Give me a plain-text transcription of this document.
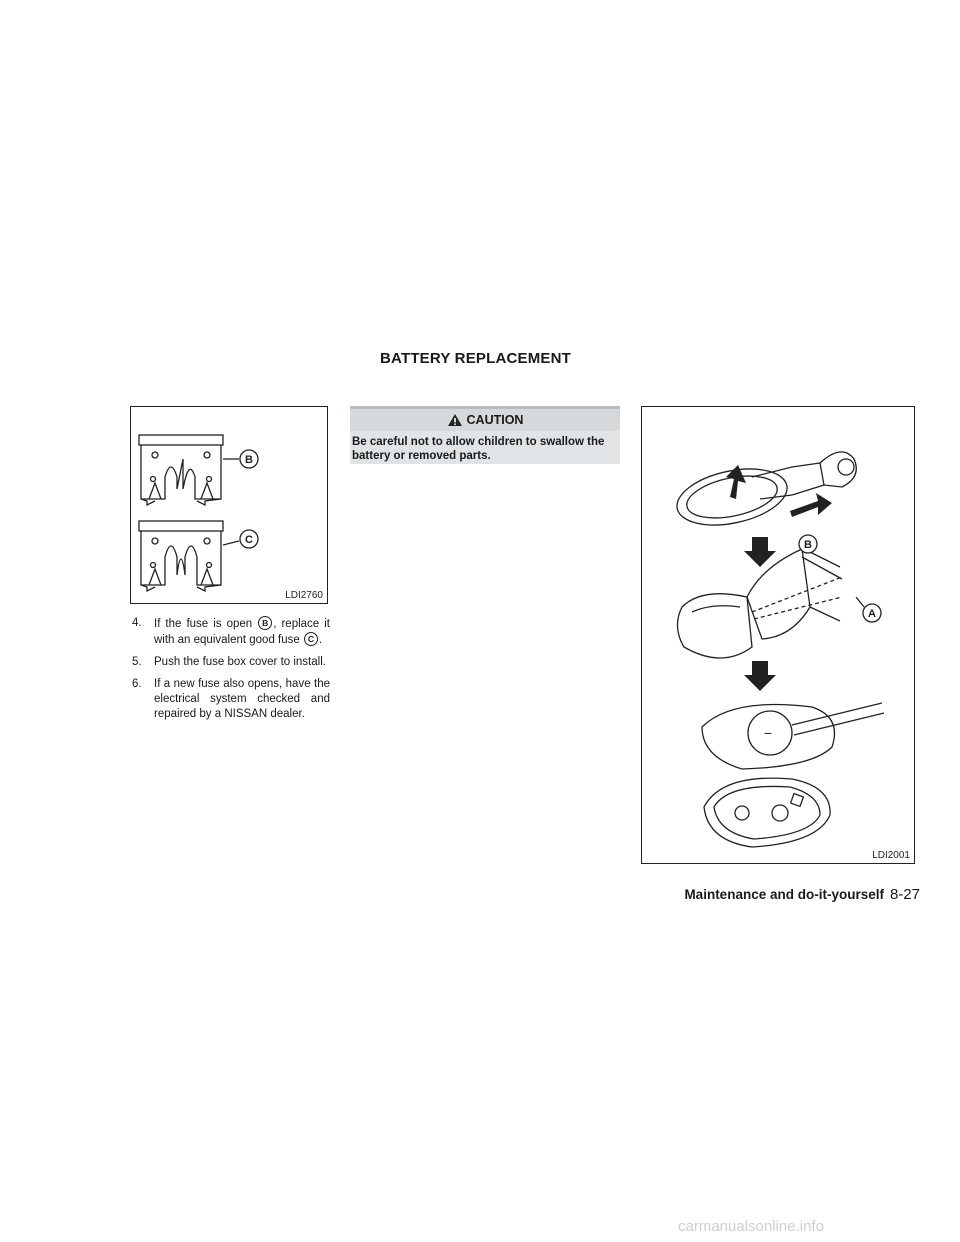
BATTERY REPLACEMENT
B
C
LDI2760
4. If the fuse is open B , replace it with an equivalent good fuse C .
5. Push the fuse box cover to install.
6. If a new fuse also opens, have the electrical system checked and repaired by a NISSAN dealer.
CAUTION
Be careful not to allow children to swallow the battery or removed parts.
−
B
A
LDI2001
Maintenance and do-it-yourself 8-27
carmanualsonline.info
